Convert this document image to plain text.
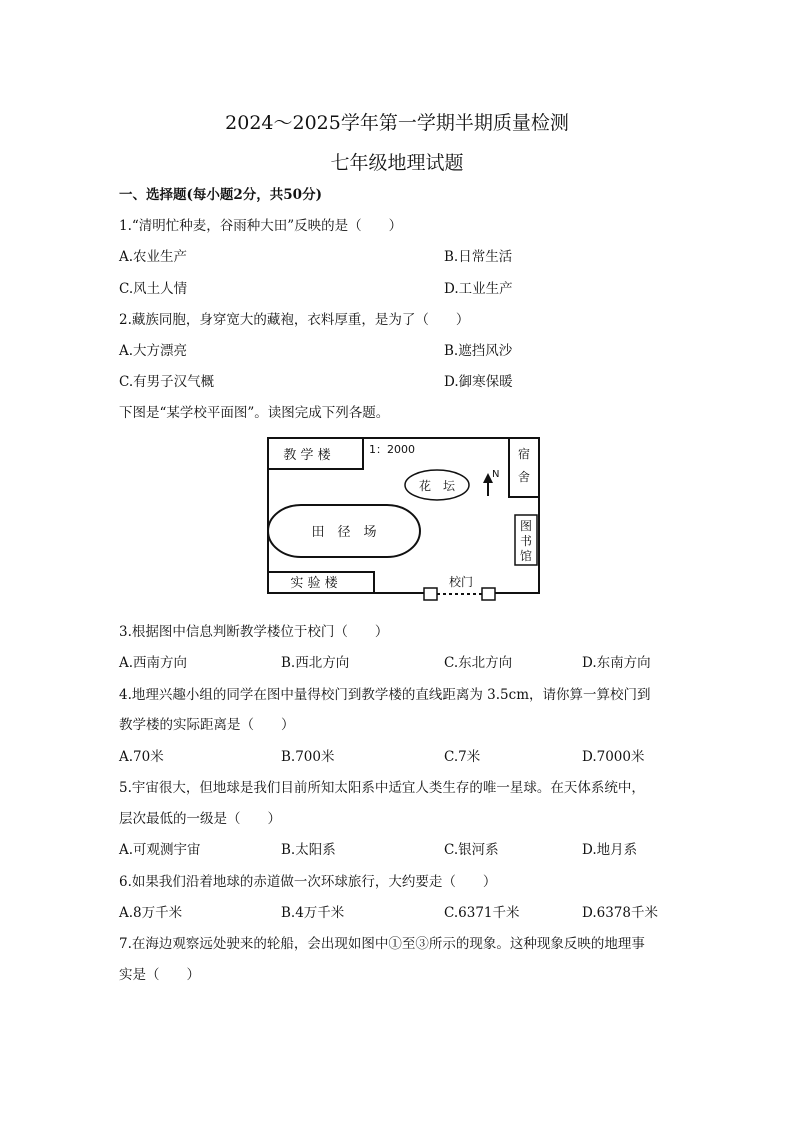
2024～2025学年第一学期半期质量检测
七年级地理试题
一、选择题(每小题2分，共50分)
1.“清明忙种麦，谷雨种大田”反映的是（　　）
A.农业生产	B.日常生活
C.风土人情	D.工业生产
2.藏族同胞，身穿宽大的藏袍，衣料厚重，是为了（　　）
A.大方漂亮	B.遮挡风沙
C.有男子汉气概	D.御寒保暖
下图是“某学校平面图”。读图完成下列各题。
教 学 楼	1：2000	宿
舍
花　坛
N
田　径　场	图
书
馆
实 验 楼	校门
3.根据图中信息判断教学楼位于校门（　　）
A.西南方向	B.西北方向	C.东北方向	D.东南方向
4.地理兴趣小组的同学在图中量得校门到教学楼的直线距离为 3.5cm，请你算一算校门到
教学楼的实际距离是（　　）
A.70米	B.700米	C.7米	D.7000米
5.宇宙很大，但地球是我们目前所知太阳系中适宜人类生存的唯一星球。在天体系统中，
层次最低的一级是（　　）
A.可观测宇宙	B.太阳系	C.银河系	D.地月系
6.如果我们沿着地球的赤道做一次环球旅行，大约要走（　　）
A.8万千米	B.4万千米	C.6371千米	D.6378千米
7.在海边观察远处驶来的轮船，会出现如图中①至③所示的现象。这种现象反映的地理事
实是（　　）
